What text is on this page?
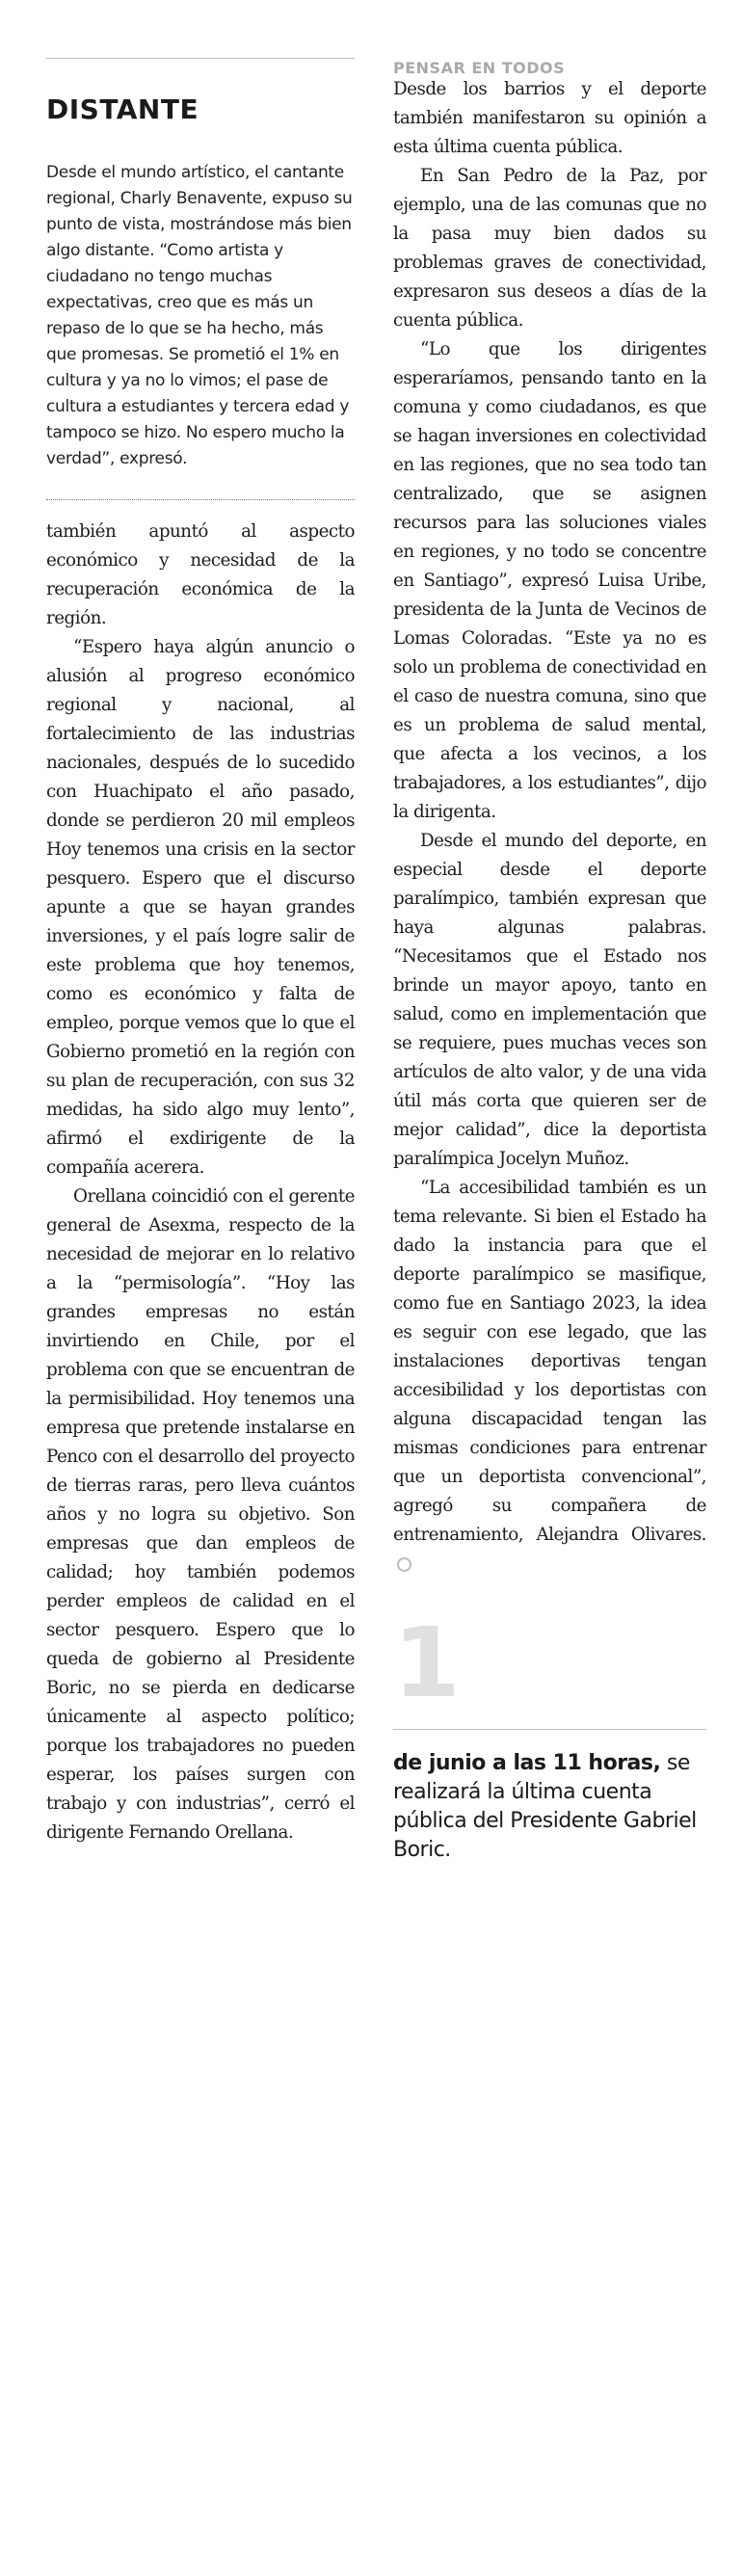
DISTANTE

Desde el mundo artístico, el cantante regional, Charly Benavente, expuso su punto de vista, mostrándose más bien algo distante. “Como artista y ciudadano no tengo muchas expectativas, creo que es más un repaso de lo que se ha hecho, más que promesas. Se prometió el 1% en cultura y ya no lo vimos; el pase de cultura a estudiantes y tercera edad y tampoco se hizo. No espero mucho la verdad”, expresó.

también apuntó al aspecto económico y necesidad de la recuperación económica de la región.

“Espero haya algún anuncio o alusión al progreso económico regional y nacional, al fortalecimiento de las industrias nacionales, después de lo sucedido con Huachipato el año pasado, donde se perdieron 20 mil empleos Hoy tenemos una crisis en la sector pesquero. Espero que el discurso apunte a que se hayan grandes inversiones, y el país logre salir de este problema que hoy tenemos, como es económico y falta de empleo, porque vemos que lo que el Gobierno prometió en la región con su plan de recuperación, con sus 32 medidas, ha sido algo muy lento”, afirmó el exdirigente de la compañía acerera.

Orellana coincidió con el gerente general de Asexma, respecto de la necesidad de mejorar en lo relativo a la “permisología”. “Hoy las grandes empresas no están invirtiendo en Chile, por el problema con que se encuentran de la permisibilidad. Hoy tenemos una empresa que pretende instalarse en Penco con el desarrollo del proyecto de tierras raras, pero lleva cuántos años y no logra su objetivo. Son empresas que dan empleos de calidad; hoy también podemos perder empleos de calidad en el sector pesquero. Espero que lo queda de gobierno al Presidente Boric, no se pierda en dedicarse únicamente al aspecto político; porque los trabajadores no pueden esperar, los países surgen con trabajo y con industrias”, cerró el dirigente Fernando Orellana.

PENSAR EN TODOS

Desde los barrios y el deporte también manifestaron su opinión a esta última cuenta pública.

En San Pedro de la Paz, por ejemplo, una de las comunas que no la pasa muy bien dados su problemas graves de conectividad, expresaron sus deseos a días de la cuenta pública.

“Lo que los dirigentes esperaríamos, pensando tanto en la comuna y como ciudadanos, es que se hagan inversiones en colectividad en las regiones, que no sea todo tan centralizado, que se asignen recursos para las soluciones viales en regiones, y no todo se concentre en Santiago”, expresó Luisa Uribe, presidenta de la Junta de Vecinos de Lomas Coloradas. “Este ya no es solo un problema de conectividad en el caso de nuestra comuna, sino que es un problema de salud mental, que afecta a los vecinos, a los trabajadores, a los estudiantes”, dijo la dirigenta.

Desde el mundo del deporte, en especial desde el deporte paralímpico, también expresan que haya algunas palabras. “Necesitamos que el Estado nos brinde un mayor apoyo, tanto en salud, como en implementación que se requiere, pues muchas veces son artículos de alto valor, y de una vida útil más corta que quieren ser de mejor calidad”, dice la deportista paralímpica Jocelyn Muñoz.

“La accesibilidad también es un tema relevante. Si bien el Estado ha dado la instancia para que el deporte paralímpico se masifique, como fue en Santiago 2023, la idea es seguir con ese legado, que las instalaciones deportivas tengan accesibilidad y los deportistas con alguna discapacidad tengan las mismas condiciones para entrenar que un deportista convencional”, agregó su compañera de entrenamiento, Alejandra Olivares.

1
de junio a las 11 horas, se realizará la última cuenta pública del Presidente Gabriel Boric.
